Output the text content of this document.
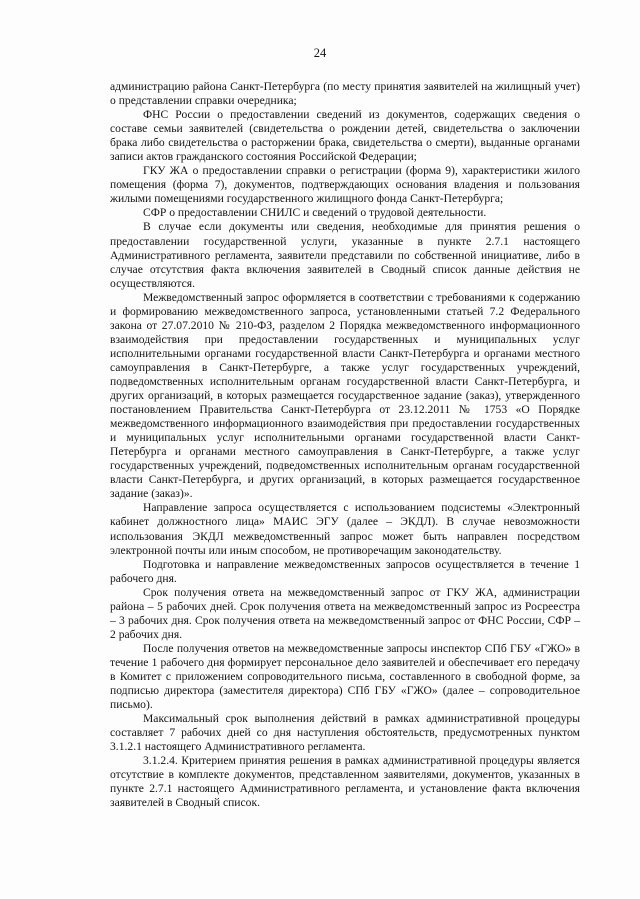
24

администрацию района Санкт-Петербурга (по месту принятия заявителей на жилищный учет) о представлении справки очередника;

ФНС России о предоставлении сведений из документов, содержащих сведения о составе семьи заявителей (свидетельства о рождении детей, свидетельства о заключении брака либо свидетельства о расторжении брака, свидетельства о смерти), выданные органами записи актов гражданского состояния Российской Федерации;

ГКУ ЖА о предоставлении справки о регистрации (форма 9), характеристики жилого помещения (форма 7), документов, подтверждающих основания владения и пользования жилыми помещениями государственного жилищного фонда Санкт-Петербурга;

СФР о предоставлении СНИЛС и сведений о трудовой деятельности.

В случае если документы или сведения, необходимые для принятия решения о предоставлении государственной услуги, указанные в пункте 2.7.1 настоящего Административного регламента, заявители представили по собственной инициативе, либо в случае отсутствия факта включения заявителей в Сводный список данные действия не осуществляются.

Межведомственный запрос оформляется в соответствии с требованиями к содержанию и формированию межведомственного запроса, установленными статьей 7.2 Федерального закона от 27.07.2010 № 210-ФЗ, разделом 2 Порядка межведомственного информационного взаимодействия при предоставлении государственных и муниципальных услуг исполнительными органами государственной власти Санкт-Петербурга и органами местного самоуправления в Санкт-Петербурге, а также услуг государственных учреждений, подведомственных исполнительным органам государственной власти Санкт-Петербурга, и других организаций, в которых размещается государственное задание (заказ), утвержденного постановлением Правительства Санкт-Петербурга от 23.12.2011 № 1753 «О Порядке межведомственного информационного взаимодействия при предоставлении государственных и муниципальных услуг исполнительными органами государственной власти Санкт-Петербурга и органами местного самоуправления в Санкт-Петербурге, а также услуг государственных учреждений, подведомственных исполнительным органам государственной власти Санкт-Петербурга, и других организаций, в которых размещается государственное задание (заказ)».

Направление запроса осуществляется с использованием подсистемы «Электронный кабинет должностного лица» МАИС ЭГУ (далее – ЭКДЛ). В случае невозможности использования ЭКДЛ межведомственный запрос может быть направлен посредством электронной почты или иным способом, не противоречащим законодательству.

Подготовка и направление межведомственных запросов осуществляется в течение 1 рабочего дня.

Срок получения ответа на межведомственный запрос от ГКУ ЖА, администрации района – 5 рабочих дней. Срок получения ответа на межведомственный запрос из Росреестра – 3 рабочих дня. Срок получения ответа на межведомственный запрос от ФНС России, СФР – 2 рабочих дня.

После получения ответов на межведомственные запросы инспектор СПб ГБУ «ГЖО» в течение 1 рабочего дня формирует персональное дело заявителей и обеспечивает его передачу в Комитет с приложением сопроводительного письма, составленного в свободной форме, за подписью директора (заместителя директора) СПб ГБУ «ГЖО» (далее – сопроводительное письмо).

Максимальный срок выполнения действий в рамках административной процедуры составляет 7 рабочих дней со дня наступления обстоятельств, предусмотренных пунктом 3.1.2.1 настоящего Административного регламента.

3.1.2.4. Критерием принятия решения в рамках административной процедуры является отсутствие в комплекте документов, представленном заявителями, документов, указанных в пункте 2.7.1 настоящего Административного регламента, и установление факта включения заявителей в Сводный список.
